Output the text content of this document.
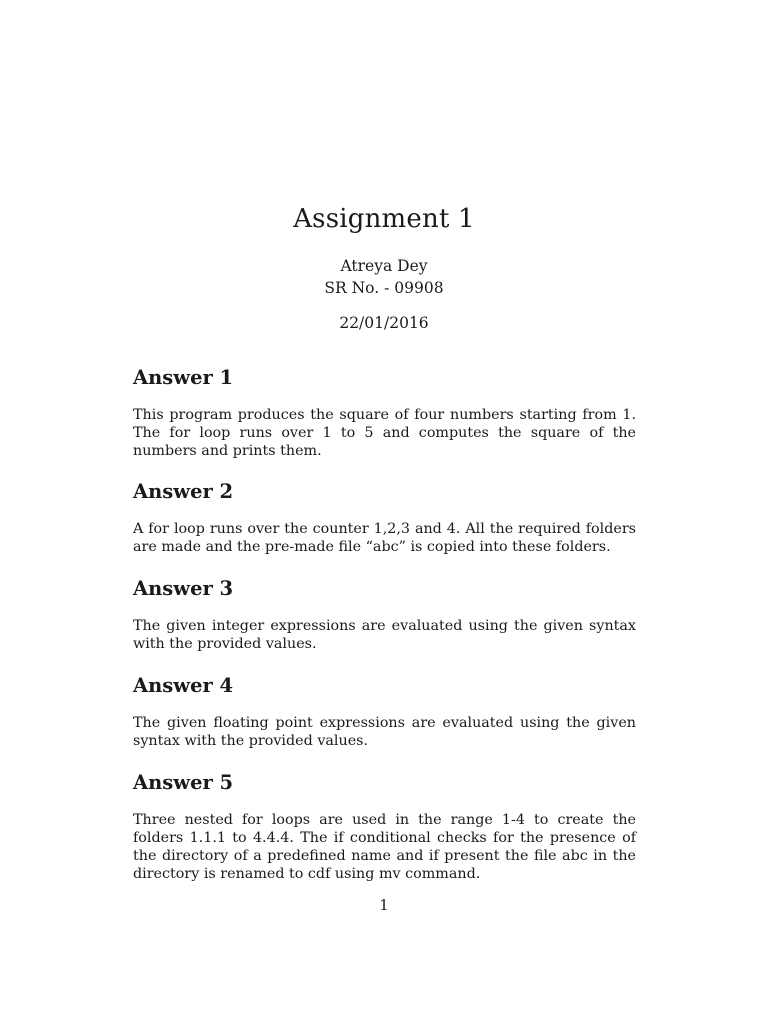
Assignment 1
Atreya Dey
SR No. - 09908
22/01/2016
Answer 1

This program produces the square of four numbers starting from 1. The for loop runs over 1 to 5 and computes the square of the numbers and prints them.

Answer 2

A for loop runs over the counter 1,2,3 and 4. All the required folders are made and the pre-made file “abc” is copied into these folders.

Answer 3

The given integer expressions are evaluated using the given syntax with the provided values.

Answer 4

The given floating point expressions are evaluated using the given syntax with the provided values.

Answer 5

Three nested for loops are used in the range 1-4 to create the folders 1.1.1 to 4.4.4. The if conditional checks for the presence of the directory of a predefined name and if present the file abc in the directory is renamed to cdf using mv command.

1
